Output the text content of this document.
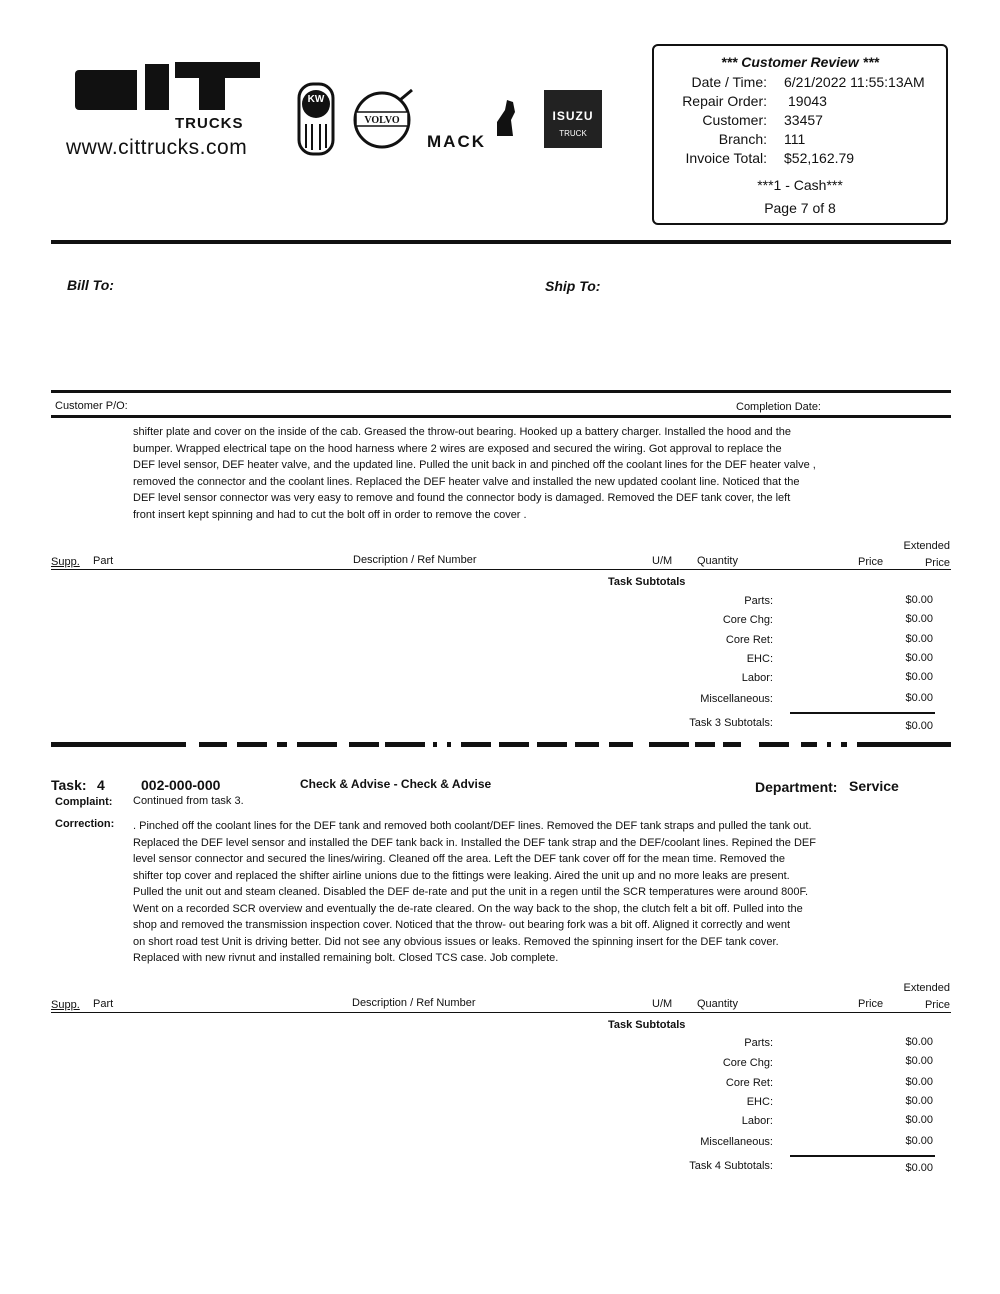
TRUCKS
www.cittrucks.com
KW
VOLVO
MACK
ISUZU
TRUCK
*** Customer Review ***
Date / Time: 6/21/2022 11:55:13AM
Repair Order: 19043
Customer: 33457
Branch: 111
Invoice Total: $52,162.79
***1 - Cash***
Page 7 of 8
Bill To:	Ship To:
Customer P/O:	Completion Date:
shifter plate and cover on the inside of the cab. Greased the throw-out bearing. Hooked up a battery charger. Installed the hood and the
bumper. Wrapped electrical tape on the hood harness where 2 wires are exposed and secured the wiring. Got approval to replace the
DEF level sensor, DEF heater valve, and the updated line. Pulled the unit back in and pinched off the coolant lines for the DEF heater valve ,
removed the connector and the coolant lines. Replaced the DEF heater valve and installed the new updated coolant line. Noticed that the
DEF level sensor connector was very easy to remove and found the connector body is damaged. Removed the DEF tank cover, the left
front insert kept spinning and had to cut the bolt off in order to remove the cover .
Supp. Part	Description / Ref Number	U/M Quantity	Price
Extended
Price
Task Subtotals
Parts:	$0.00
Core Chg:	$0.00
Core Ret:	$0.00
EHC:	$0.00
Labor:	$0.00
Miscellaneous:	$0.00
Task 3 Subtotals:	$0.00
Task: 4	002-000-000	Check & Advise - Check & Advise	Department: Service
Complaint: Continued from task 3.
Correction: . Pinched off the coolant lines for the DEF tank and removed both coolant/DEF lines. Removed the DEF tank straps and pulled the tank out.
Replaced the DEF level sensor and installed the DEF tank back in. Installed the DEF tank strap and the DEF/coolant lines. Repined the DEF
level sensor connector and secured the lines/wiring. Cleaned off the area. Left the DEF tank cover off for the mean time. Removed the
shifter top cover and replaced the shifter airline unions due to the fittings were leaking. Aired the unit up and no more leaks are present.
Pulled the unit out and steam cleaned. Disabled the DEF de-rate and put the unit in a regen until the SCR temperatures were around 800F.
Went on a recorded SCR overview and eventually the de-rate cleared. On the way back to the shop, the clutch felt a bit off. Pulled into the
shop and removed the transmission inspection cover. Noticed that the throw- out bearing fork was a bit off. Aligned it correctly and went
on short road test Unit is driving better. Did not see any obvious issues or leaks. Removed the spinning insert for the DEF tank cover.
Replaced with new rivnut and installed remaining bolt. Closed TCS case. Job complete.
Supp. Part	Description / Ref Number	U/M Quantity	Price
Extended
Price
Task Subtotals
Parts:	$0.00
Core Chg:	$0.00
Core Ret:	$0.00
EHC:	$0.00
Labor:	$0.00
Miscellaneous:	$0.00
Task 4 Subtotals:	$0.00
